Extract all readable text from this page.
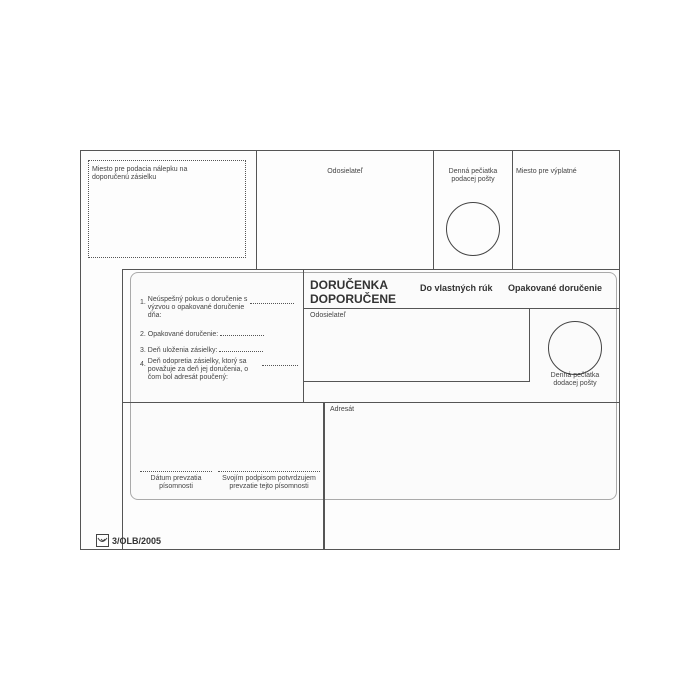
Miesto pre podacia nálepku na doporučenú zásielku
Odosielateľ	Denná pečiatka podacej pošty
Miesto pre výplatné
DORUČENKA
DOPORUČENE
Do vlastných rúk Opakované doručenie
Odosielateľ
Denná pečiatka dodacej pošty
1. Neúspešný pokus o doručenie s výzvou o opakované doručenie dňa:
2. Opakované doručenie:
3. Deň uloženia zásielky:
4. Deň odopretia zásielky, ktorý sa považuje za deň jej doručenia, o čom bol adresát poučený:
Adresát
Dátum prevzatia písomnosti
Svojím podpisom potvrdzujem prevzatie tejto písomnosti
3/OLB/2005
